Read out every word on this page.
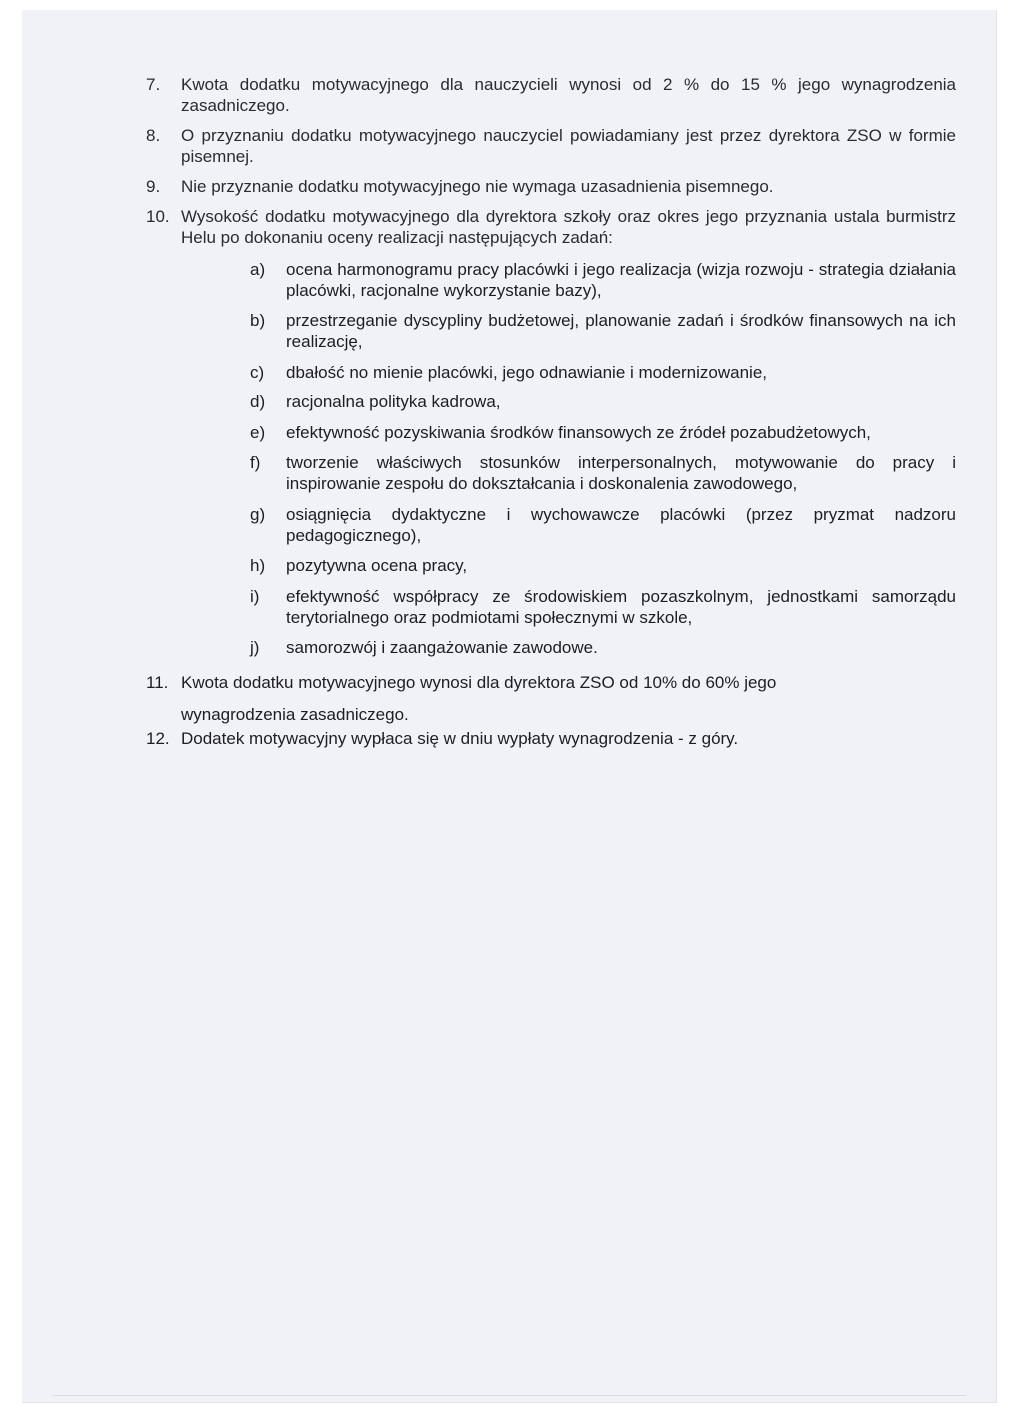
7. Kwota dodatku motywacyjnego dla nauczycieli wynosi od 2 % do 15 % jego wynagrodzenia zasadniczego.
8. O przyznaniu dodatku motywacyjnego nauczyciel powiadamiany jest przez dyrektora ZSO w formie pisemnej.
9. Nie przyznanie dodatku motywacyjnego nie wymaga uzasadnienia pisemnego.
10. Wysokość dodatku motywacyjnego dla dyrektora szkoły oraz okres jego przyznania ustala burmistrz Helu po dokonaniu oceny realizacji następujących zadań:
a) ocena harmonogramu pracy placówki i jego realizacja (wizja rozwoju - strategia działania placówki, racjonalne wykorzystanie bazy),
b) przestrzeganie dyscypliny budżetowej, planowanie zadań i środków finansowych na ich realizację,
c) dbałość no mienie placówki, jego odnawianie i modernizowanie,
d) racjonalna polityka kadrowa,
e) efektywność pozyskiwania środków finansowych ze źródeł pozabudżetowych,
f) tworzenie właściwych stosunków interpersonalnych, motywowanie do pracy i inspirowanie zespołu do dokształcania i doskonalenia zawodowego,
g) osiągnięcia dydaktyczne i wychowawcze placówki (przez pryzmat nadzoru pedagogicznego),
h) pozytywna ocena pracy,
i) efektywność współpracy ze środowiskiem pozaszkolnym, jednostkami samorządu terytorialnego oraz podmiotami społecznymi w szkole,
j) samorozwój i zaangażowanie zawodowe.
11. Kwota dodatku motywacyjnego wynosi dla dyrektora ZSO od 10% do 60% jego wynagrodzenia zasadniczego.
12. Dodatek motywacyjny wypłaca się w dniu wypłaty wynagrodzenia - z góry.
